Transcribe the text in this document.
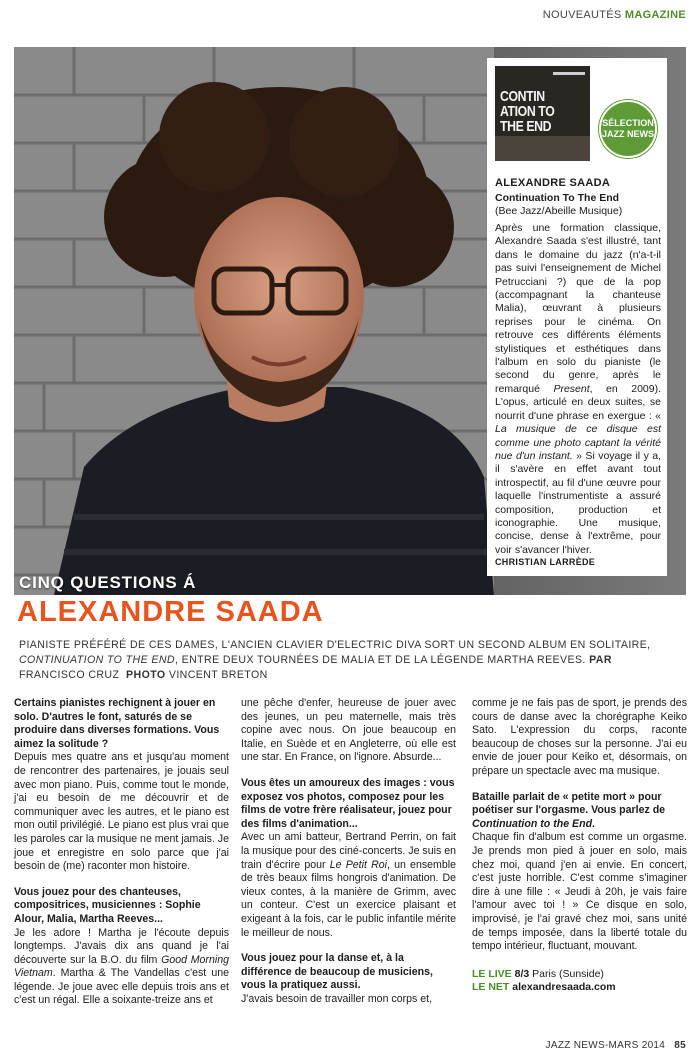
NOUVEAUTÉS MAGAZINE
CONTIN
ATION TO
THE END	SÉLECTION
JAZZ NEWS
ALEXANDRE SAADA
Continuation To The End
(Bee Jazz/Abeille Musique)
Après une formation classique, Alexandre Saada s'est illustré, tant dans le domaine du jazz (n'a-t-il pas suivi l'enseignement de Michel Petrucciani ?) que de la pop (accompagnant la chanteuse Malia), œuvrant à plusieurs reprises pour le cinéma. On retrouve ces différents éléments stylistiques et esthétiques dans l'album en solo du pianiste (le second du genre, après le remarqué Present, en 2009). L'opus, articulé en deux suites, se nourrit d'une phrase en exergue : « La musique de ce disque est comme une photo captant la vérité nue d'un instant. » Si voyage il y a, il s'avère en effet avant tout introspectif, au fil d'une œuvre pour laquelle l'instrumentiste a assuré composition, production et iconographie. Une musique, concise, dense à l'extrême, pour voir s'avancer l'hiver.
CHRISTIAN LARRÈDE
CINQ QUESTIONS Á
ALEXANDRE SAADA
PIANISTE PRÉFÉRÉ DE CES DAMES, L'ANCIEN CLAVIER D'ELECTRIC DIVA SORT UN SECOND ALBUM EN SOLITAIRE, CONTINUATION TO THE END, ENTRE DEUX TOURNÉES DE MALIA ET DE LA LÉGENDE MARTHA REEVES. PAR FRANCISCO CRUZ PHOTO VINCENT BRETON
Certains pianistes rechignent à jouer en solo. D'autres le font, saturés de se produire dans diverses formations. Vous aimez la solitude ?
Depuis mes quatre ans et jusqu'au moment de rencontrer des partenaires, je jouais seul avec mon piano. Puis, comme tout le monde, j'ai eu besoin de me découvrir et de communiquer avec les autres, et le piano est mon outil privilégié. Le piano est plus vrai que les paroles car la musique ne ment jamais. Je joue et enregistre en solo parce que j'ai besoin de (me) raconter mon histoire.
Vous jouez pour des chanteuses, compositrices, musiciennes : Sophie Alour, Malia, Martha Reeves...
Je les adore ! Martha je l'écoute depuis longtemps. J'avais dix ans quand je l'ai découverte sur la B.O. du film Good Morning Vietnam. Martha & The Vandellas c'est une légende. Je joue avec elle depuis trois ans et c'est un régal. Elle a soixante-treize ans et
une pêche d'enfer, heureuse de jouer avec des jeunes, un peu maternelle, mais très copine avec nous. On joue beaucoup en Italie, en Suède et en Angleterre, où elle est une star. En France, on l'ignore. Absurde...
Vous êtes un amoureux des images : vous exposez vos photos, composez pour les films de votre frère réalisateur, jouez pour des films d'animation...
Avec un ami batteur, Bertrand Perrin, on fait la musique pour des ciné-concerts. Je suis en train d'écrire pour Le Petit Roi, un ensemble de très beaux films hongrois d'animation. De vieux contes, à la manière de Grimm, avec un conteur. C'est un exercice plaisant et exigeant à la fois, car le public infantile mérite le meilleur de nous.
Vous jouez pour la danse et, à la différence de beaucoup de musiciens, vous la pratiquez aussi.
J'avais besoin de travailler mon corps et,
comme je ne fais pas de sport, je prends des cours de danse avec la chorégraphe Keiko Sato. L'expression du corps, raconte beaucoup de choses sur la personne. J'ai eu envie de jouer pour Keiko et, désormais, on prépare un spectacle avec ma musique.
Bataille parlait de « petite mort » pour poétiser sur l'orgasme. Vous parlez de Continuation to the End.
Chaque fin d'album est comme un orgasme. Je prends mon pied à jouer en solo, mais chez moi, quand j'en ai envie. En concert, c'est juste horrible. C'est comme s'imaginer dire à une fille : « Jeudi à 20h, je vais faire l'amour avec toi ! » Ce disque en solo, improvisé, je l'ai gravé chez moi, sans unité de temps imposée, dans la liberté totale du tempo intérieur, fluctuant, mouvant.
LE LIVE 8/3 Paris (Sunside)
LE NET alexandresaada.com
JAZZ NEWS-MARS 2014 85
